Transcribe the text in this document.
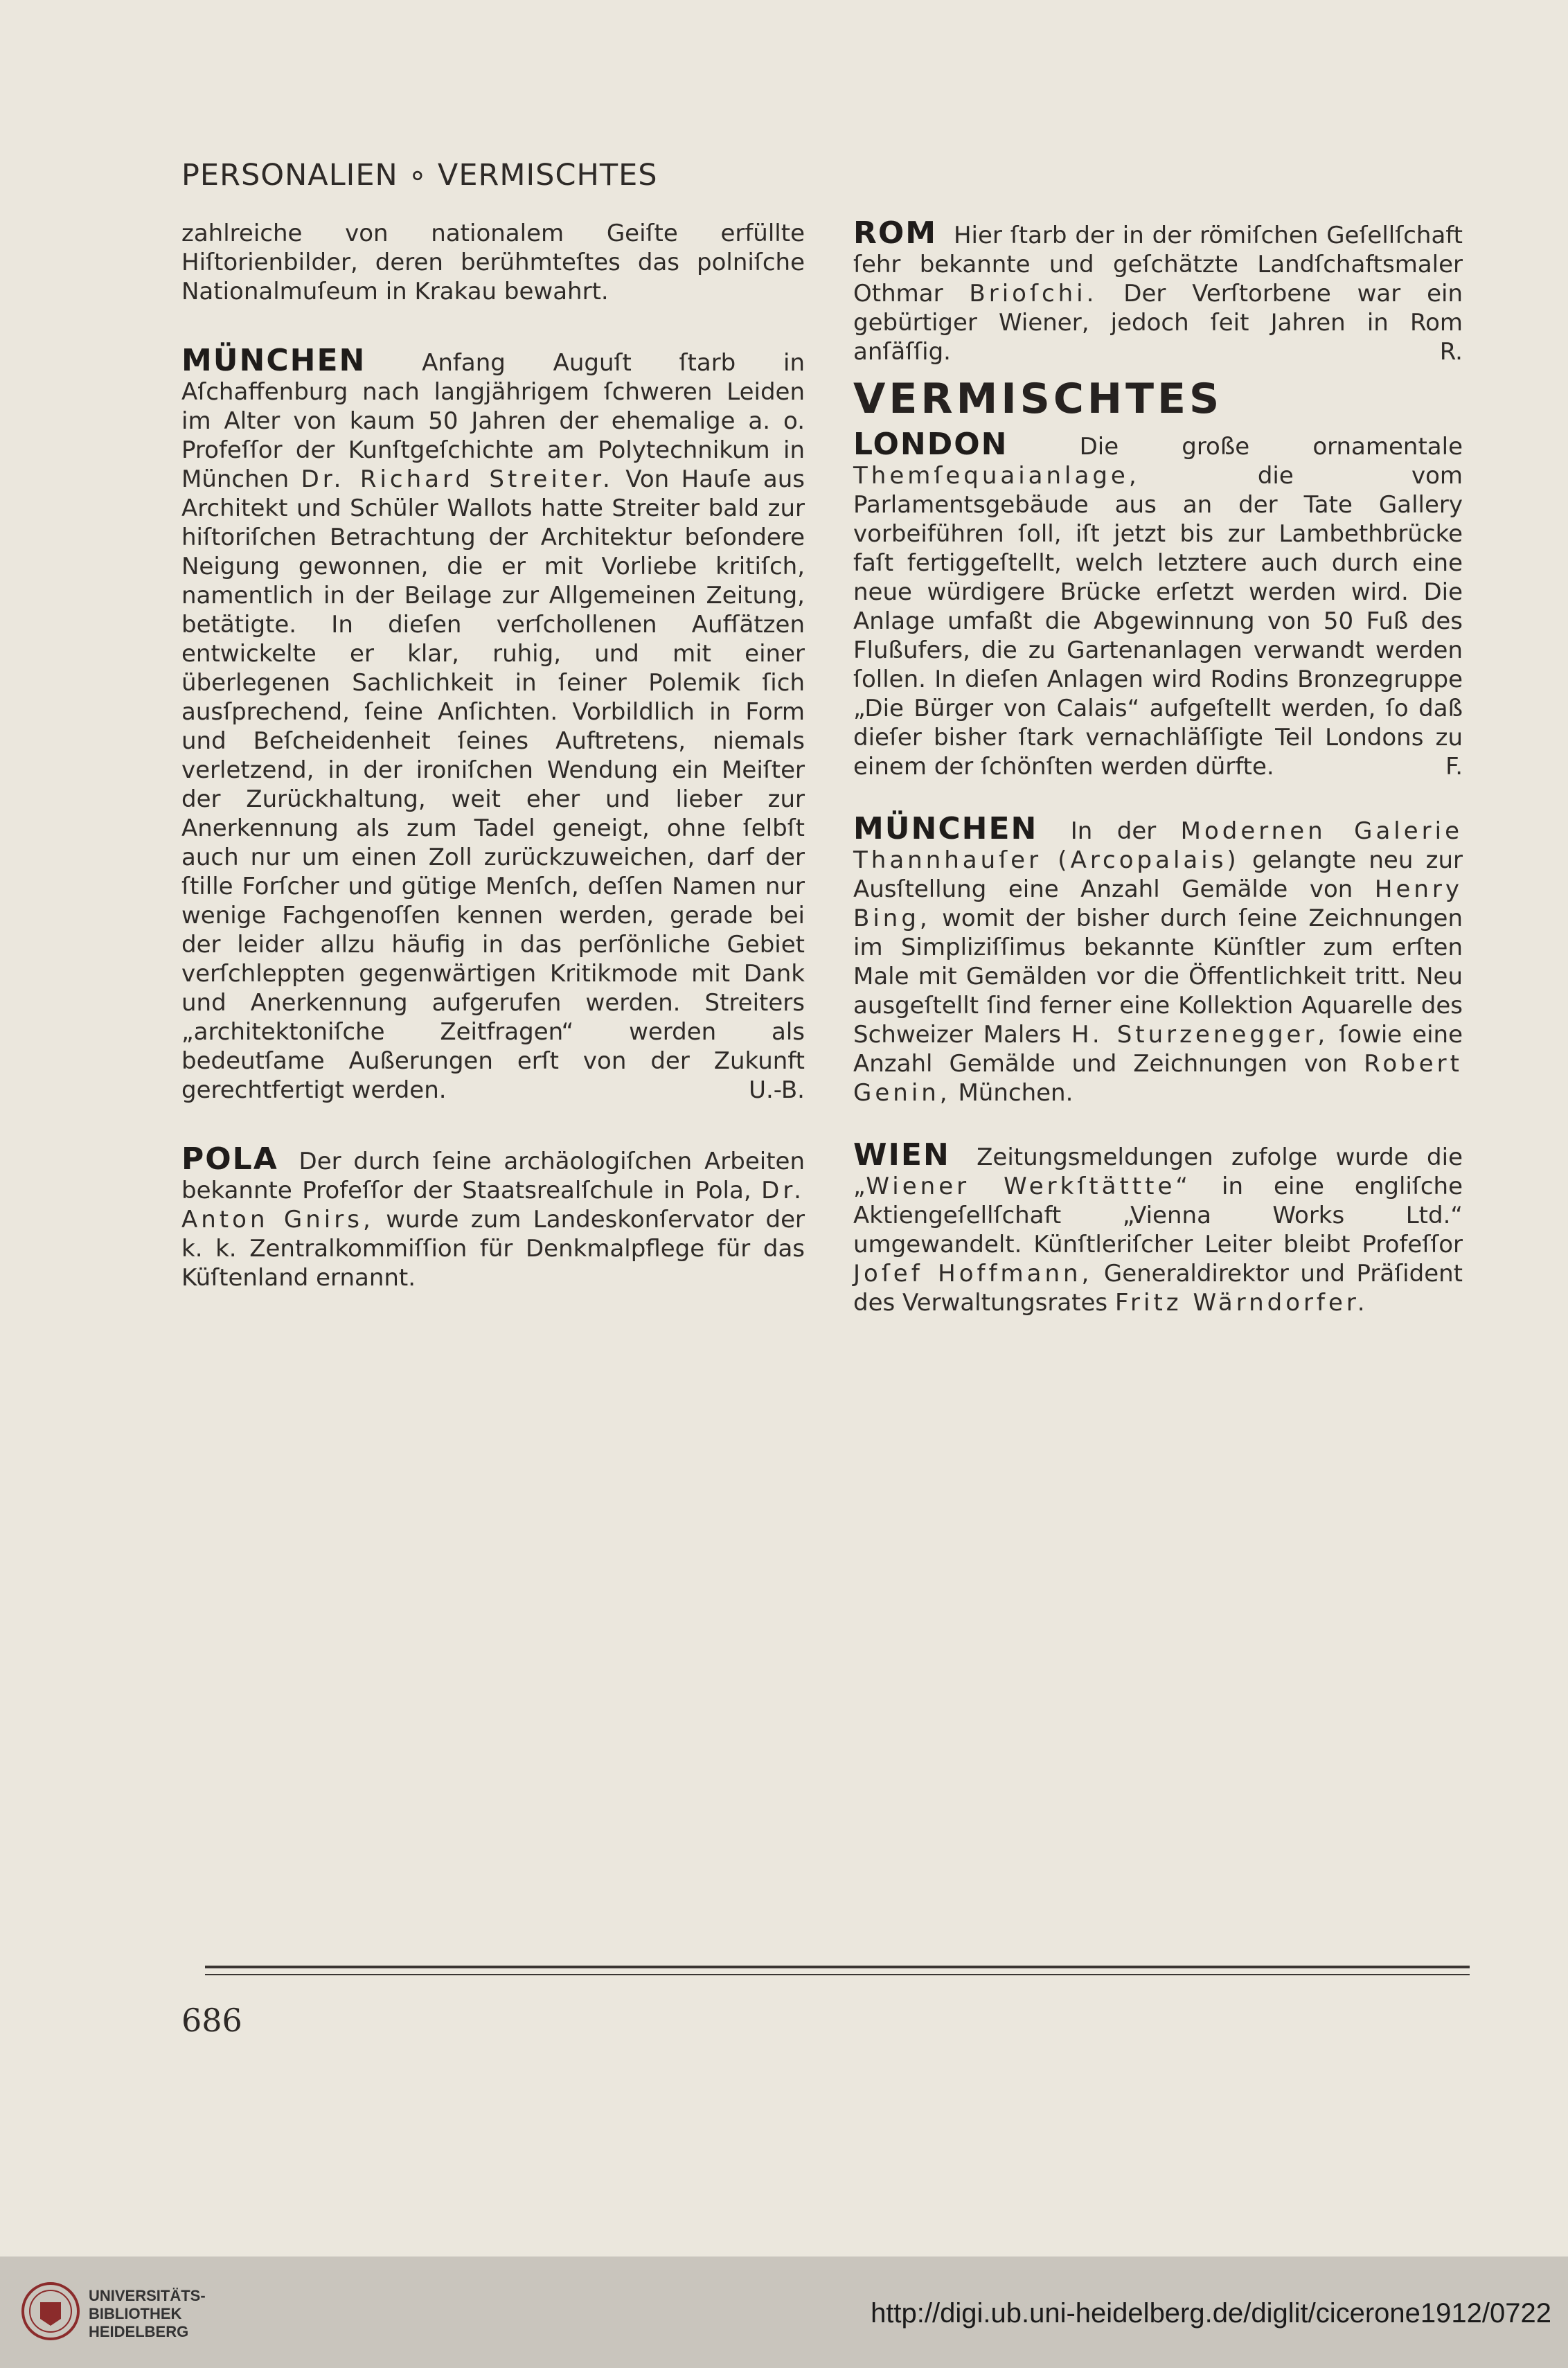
PERSONALIEN ∘ VERMISCHTES

zahlreiche von nationalem Geiſte erfüllte Hiſtorienbilder, deren berühmteſtes das polniſche Nationalmuſeum in Krakau bewahrt.

MÜNCHEN Anfang Auguſt ſtarb in Aſchaffenburg nach langjährigem ſchweren Leiden im Alter von kaum 50 Jahren der ehemalige a. o. Profeſſor der Kunſtgeſchichte am Polytechnikum in München Dr. Richard Streiter. Von Hauſe aus Architekt und Schüler Wallots hatte Streiter bald zur hiſtoriſchen Betrachtung der Architektur beſondere Neigung gewonnen, die er mit Vorliebe kritiſch, namentlich in der Beilage zur Allgemeinen Zeitung, betätigte. In dieſen verſchollenen Aufſätzen entwickelte er klar, ruhig, und mit einer überlegenen Sachlichkeit in ſeiner Polemik ſich ausſprechend, ſeine Anſichten. Vorbildlich in Form und Beſcheidenheit ſeines Auftretens, niemals verletzend, in der ironiſchen Wendung ein Meiſter der Zurückhaltung, weit eher und lieber zur Anerkennung als zum Tadel geneigt, ohne ſelbſt auch nur um einen Zoll zurückzuweichen, darf der ſtille Forſcher und gütige Menſch, deſſen Namen nur wenige Fachgenoſſen kennen werden, gerade bei der leider allzu häufig in das perſönliche Gebiet verſchleppten gegenwärtigen Kritikmode mit Dank und Anerkennung aufgerufen werden. Streiters „architektoniſche Zeitfragen“ werden als bedeutſame Außerungen erſt von der Zukunft gerechtfertigt werden.	U.-B.

POLA Der durch ſeine archäologiſchen Arbeiten bekannte Profeſſor der Staatsrealſchule in Pola, Dr. Anton Gnirs, wurde zum Landeskonſervator der k. k. Zentralkommiſſion für Denkmalpflege für das Küſtenland ernannt.

ROM Hier ſtarb der in der römiſchen Geſellſchaft ſehr bekannte und geſchätzte Landſchaftsmaler Othmar Brioſchi. Der Verſtorbene war ein gebürtiger Wiener, jedoch ſeit Jahren in Rom anſäſſig.	R.

VERMISCHTES

LONDON	Die große ornamentale Themſequaianlage,	die vom Parlamentsgebäude aus an der Tate Gallery vorbeiführen ſoll, iſt jetzt bis zur Lambethbrücke faſt fertiggeſtellt, welch letztere auch durch eine neue würdigere Brücke erſetzt werden wird. Die Anlage umfaßt die Abgewinnung von 50 Fuß des Flußufers, die zu Gartenanlagen verwandt werden ſollen. In dieſen Anlagen wird Rodins Bronzegruppe „Die Bürger von Calais“ aufgeſtellt werden, ſo daß dieſer bisher ſtark vernachläſſigte Teil Londons zu einem der ſchönſten werden dürfte.	F.

MÜNCHEN In der Modernen Galerie Thannhauſer (Arcopalais) gelangte neu zur Ausſtellung eine Anzahl Gemälde von Henry Bing, womit der bisher durch ſeine Zeichnungen im Simpliziſſimus bekannte Künſtler zum erſten Male mit Gemälden vor die Öffentlichkeit tritt. Neu ausgeſtellt ſind ferner eine Kollektion Aquarelle des Schweizer Malers H. Sturzenegger, ſowie eine Anzahl Gemälde und Zeichnungen von Robert Genin, München.

WIEN Zeitungsmeldungen zufolge wurde die „Wiener Werkſtättte“ in eine engliſche Aktiengeſellſchaft „Vienna Works Ltd.“ umgewandelt. Künſtleriſcher Leiter bleibt Profeſſor Joſef Hoffmann, Generaldirektor und Präſident des Verwaltungsrates Fritz Wärndorfer.

686
UNIVERSITÄTS-
BIBLIOTHEK
HEIDELBERG
http://digi.ub.uni-heidelberg.de/diglit/cicerone1912/0722
